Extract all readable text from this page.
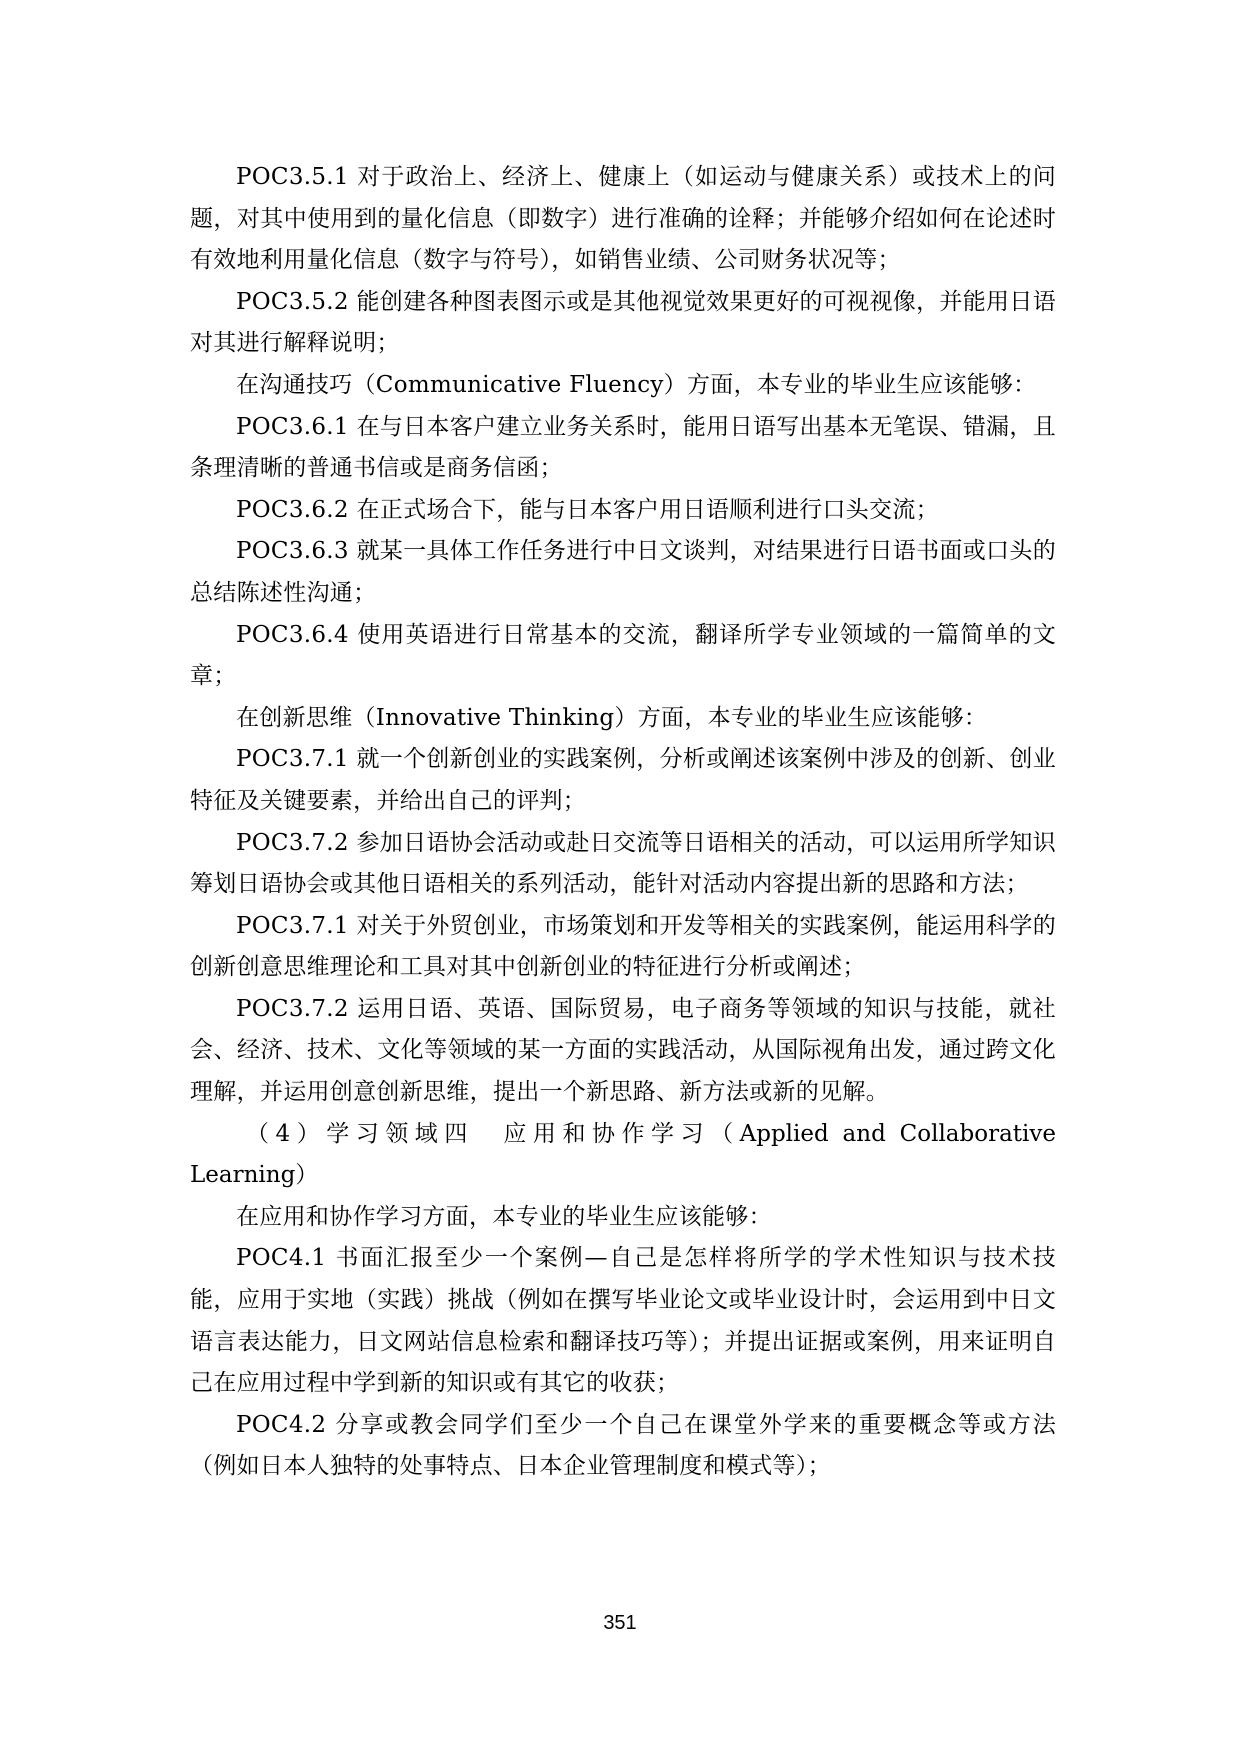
POC3.5.1 对于政治上、经济上、健康上（如运动与健康关系）或技术上的问题，对其中使用到的量化信息（即数字）进行准确的诠释；并能够介绍如何在论述时有效地利用量化信息（数字与符号），如销售业绩、公司财务状况等；

POC3.5.2 能创建各种图表图示或是其他视觉效果更好的可视视像，并能用日语对其进行解释说明；

在沟通技巧（Communicative Fluency）方面，本专业的毕业生应该能够：

POC3.6.1 在与日本客户建立业务关系时，能用日语写出基本无笔误、错漏，且条理清晰的普通书信或是商务信函；

POC3.6.2 在正式场合下，能与日本客户用日语顺利进行口头交流；

POC3.6.3 就某一具体工作任务进行中日文谈判，对结果进行日语书面或口头的总结陈述性沟通；

POC3.6.4 使用英语进行日常基本的交流，翻译所学专业领域的一篇简单的文章；

在创新思维（Innovative Thinking）方面，本专业的毕业生应该能够：

POC3.7.1 就一个创新创业的实践案例，分析或阐述该案例中涉及的创新、创业特征及关键要素，并给出自己的评判；

POC3.7.2 参加日语协会活动或赴日交流等日语相关的活动，可以运用所学知识筹划日语协会或其他日语相关的系列活动，能针对活动内容提出新的思路和方法；

POC3.7.1 对关于外贸创业，市场策划和开发等相关的实践案例，能运用科学的创新创意思维理论和工具对其中创新创业的特征进行分析或阐述；

POC3.7.2 运用日语、英语、国际贸易，电子商务等领域的知识与技能，就社会、经济、技术、文化等领域的某一方面的实践活动，从国际视角出发，通过跨文化理解，并运用创意创新思维，提出一个新思路、新方法或新的见解。

（4）学习领域四　应用和协作学习（Applied and Collaborative Learning）

在应用和协作学习方面，本专业的毕业生应该能够：

POC4.1 书面汇报至少一个案例—自己是怎样将所学的学术性知识与技术技能，应用于实地（实践）挑战（例如在撰写毕业论文或毕业设计时，会运用到中日文语言表达能力，日文网站信息检索和翻译技巧等）；并提出证据或案例，用来证明自己在应用过程中学到新的知识或有其它的收获；

POC4.2 分享或教会同学们至少一个自己在课堂外学来的重要概念等或方法（例如日本人独特的处事特点、日本企业管理制度和模式等）；

351
